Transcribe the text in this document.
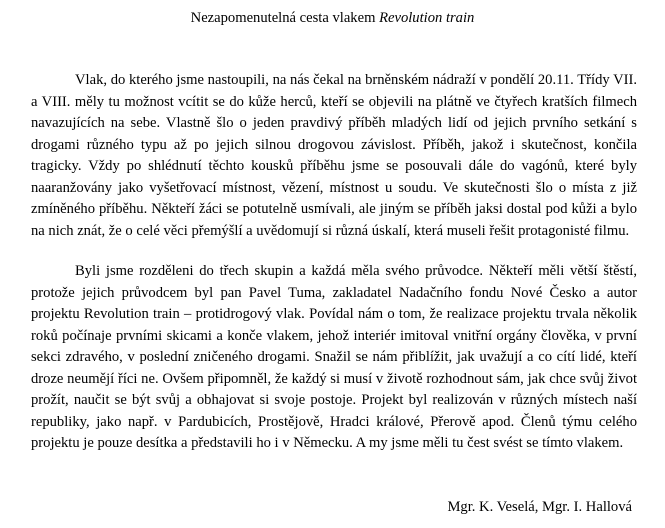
Nezapomenutelná cesta vlakem Revolution train

Vlak, do kterého jsme nastoupili, na nás čekal na brněnském nádraží v pondělí 20.11. Třídy VII. a VIII. měly tu možnost vcítit se do kůže herců, kteří se objevili na plátně ve čtyřech kratších filmech navazujících na sebe. Vlastně šlo o jeden pravdivý příběh mladých lidí od jejich prvního setkání s drogami různého typu až po jejich silnou drogovou závislost. Příběh, jakož i skutečnost, končila tragicky. Vždy po shlédnutí těchto kousků příběhu jsme se posouvali dále do vagónů, které byly naaranžovány jako vyšetřovací místnost, vězení, místnost u soudu. Ve skutečnosti šlo o místa z již zmíněného příběhu. Někteří žáci se potutelně usmívali, ale jiným se příběh jaksi dostal pod kůži a bylo na nich znát, že o celé věci přemýšlí a uvědomují si různá úskalí, která museli řešit protagonisté filmu.

Byli jsme rozděleni do třech skupin a každá měla svého průvodce. Někteří měli větší štěstí, protože jejich průvodcem byl pan Pavel Tuma, zakladatel Nadačního fondu Nové Česko a autor projektu Revolution train – protidrogový vlak. Povídal nám o tom, že realizace projektu trvala několik roků počínaje prvními skicami a konče vlakem, jehož interiér imitoval vnitřní orgány člověka, v první sekci zdravého, v poslední zničeného drogami. Snažil se nám přiblížit, jak uvažují a co cítí lidé, kteří droze neumějí říci ne. Ovšem připomněl, že každý si musí v životě rozhodnout sám, jak chce svůj život prožít, naučit se být svůj a obhajovat si svoje postoje. Projekt byl realizován v různých místech naší republiky, jako např. v Pardubicích, Prostějově, Hradci králové, Přerově apod. Členů týmu celého projektu je pouze desítka a představili ho i v Německu. A my jsme měli tu čest svést se tímto vlakem.

Mgr. K. Veselá, Mgr. I. Hallová
